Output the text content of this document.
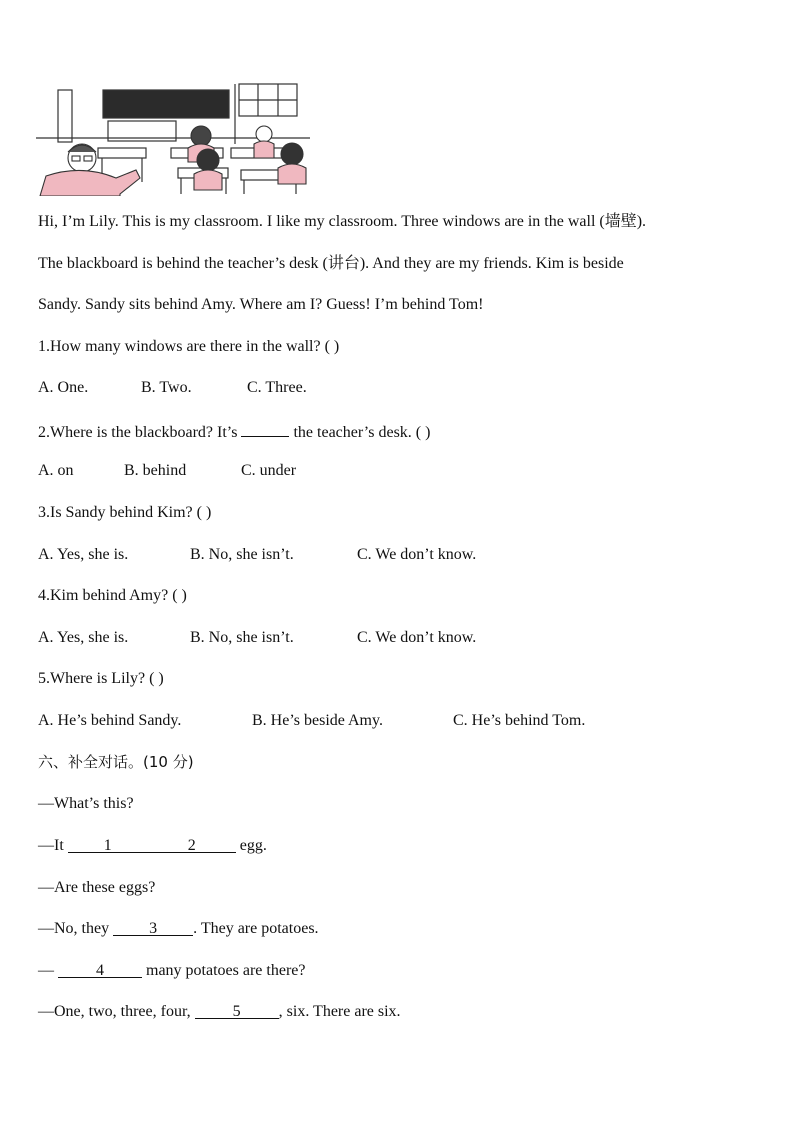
Hi, I’m Lily. This is my classroom. I like my classroom. Three windows are in the wall (墙壁).
The blackboard is behind the teacher’s desk (讲台). And they are my friends. Kim is beside
Sandy. Sandy sits behind Amy. Where am I? Guess! I’m behind Tom!
1.How many windows are there in the wall? ( )
A. One.	B. Two.	C. Three.
2.Where is the blackboard? It’s	the teacher’s desk. ( )
A. on	B. behind	C. under
3.Is Sandy behind Kim? ( )
A. Yes, she is.	B. No, she isn’t.	C. We don’t know.
4.Kim behind Amy? ( )
A. Yes, she is.	B. No, she isn’t.	C. We don’t know.
5.Where is Lily? ( )
A. He’s behind Sandy.	B. He’s beside Amy.	C. He’s behind Tom.
六、补全对话。(10 分)
—What’s this?
—It	1	2	egg.
—Are these eggs?
—No, they	3 . They are potatoes.
—	4	many potatoes are there?
—One, two, three, four,	5 , six. There are six.
